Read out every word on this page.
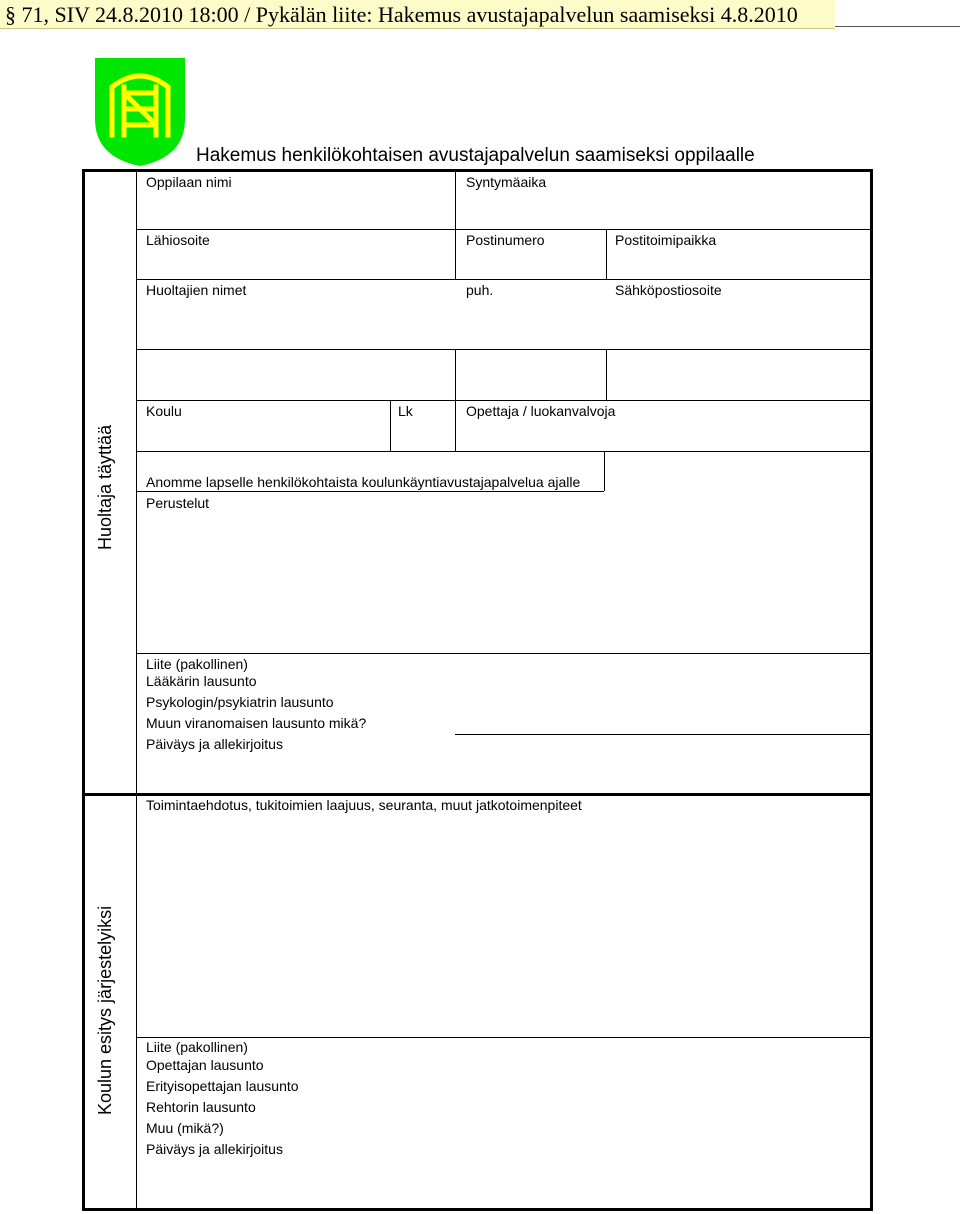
§ 71, SIV 24.8.2010 18:00 / Pykälän liite: Hakemus avustajapalvelun saamiseksi 4.8.2010
Hakemus henkilökohtaisen avustajapalvelun saamiseksi oppilaalle
Oppilaan nimi	Syntymäaika
Lähiosoite	Postinumero	Postitoimipaikka
Huoltajien nimet	puh.	Sähköpostiosoite
Koulu	Lk	Opettaja / luokanvalvoja
Anomme lapselle henkilökohtaista koulunkäyntiavustajapalvelua ajalle
Perustelut
Liite (pakollinen)
Lääkärin lausunto
Psykologin/psykiatrin lausunto
Muun viranomaisen lausunto mikä?
Päiväys ja allekirjoitus
Toimintaehdotus, tukitoimien laajuus, seuranta, muut jatkotoimenpiteet
Liite (pakollinen)
Opettajan lausunto
Erityisopettajan lausunto
Rehtorin lausunto
Muu (mikä?)
Päiväys ja allekirjoitus
Huoltaja täyttää
Koulun esitys järjestelyiksi
